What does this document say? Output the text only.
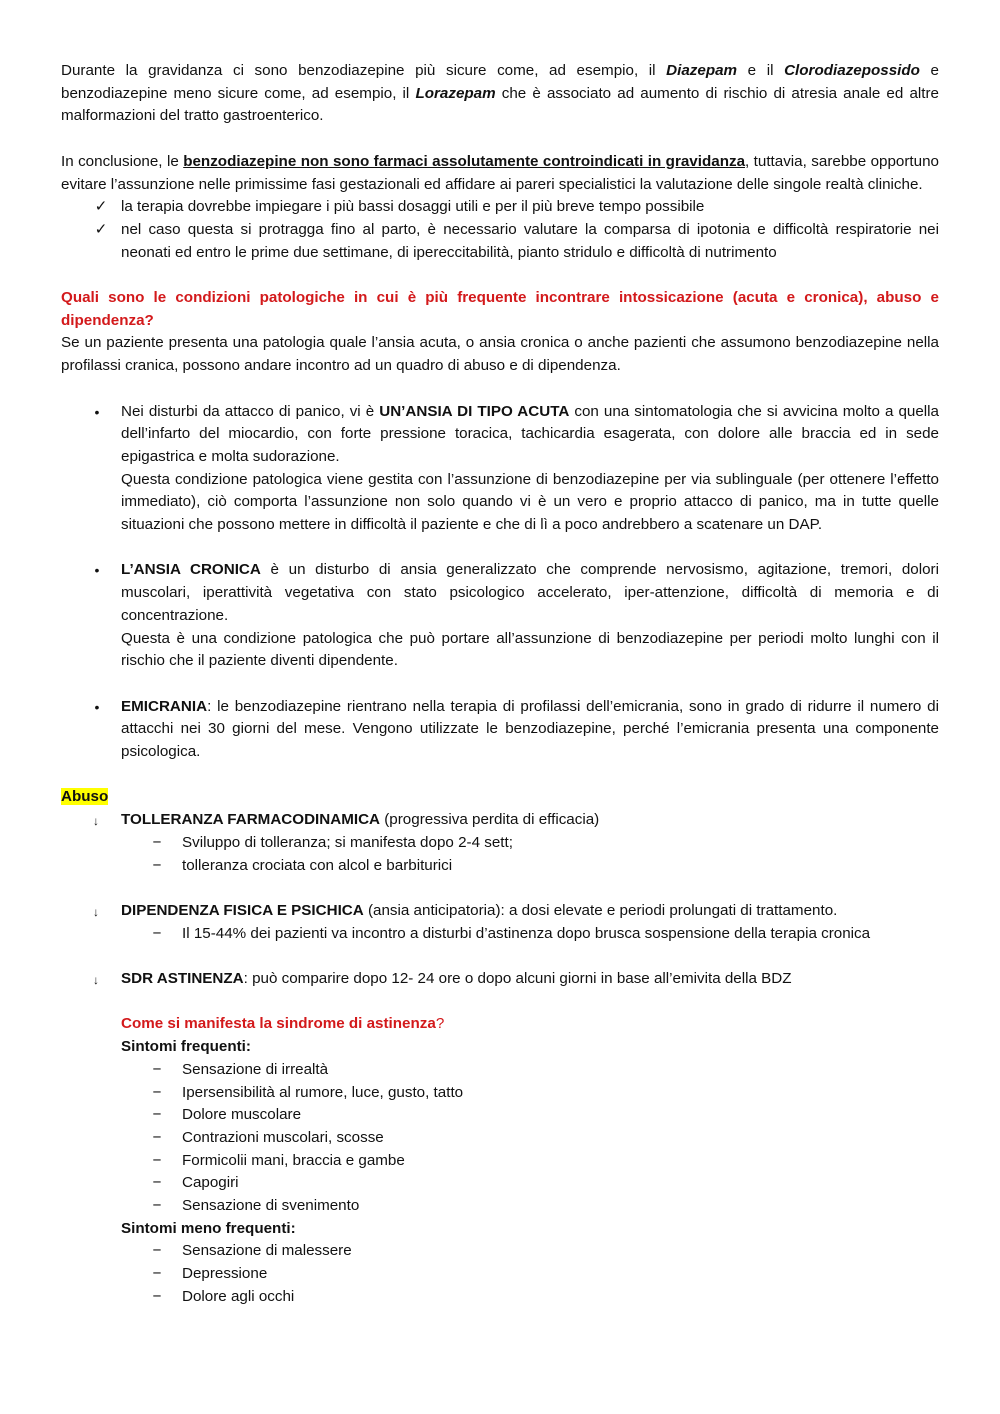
Durante la gravidanza ci sono benzodiazepine più sicure come, ad esempio, il Diazepam e il Clorodiazepossido e benzodiazepine meno sicure come, ad esempio, il Lorazepam che è associato ad aumento di rischio di atresia anale ed altre malformazioni del tratto gastroenterico.

In conclusione, le benzodiazepine non sono farmaci assolutamente controindicati in gravidanza, tuttavia, sarebbe opportuno evitare l’assunzione nelle primissime fasi gestazionali ed affidare ai pareri specialistici la valutazione delle singole realtà cliniche.

✓ la terapia dovrebbe impiegare i più bassi dosaggi utili e per il più breve tempo possibile
✓ nel caso questa si protragga fino al parto, è necessario valutare la comparsa di ipotonia e difficoltà respiratorie nei neonati ed entro le prime due settimane, di ipereccitabilità, pianto stridulo e difficoltà di nutrimento

Quali sono le condizioni patologiche in cui è più frequente incontrare intossicazione (acuta e cronica), abuso e dipendenza?

Se un paziente presenta una patologia quale l’ansia acuta, o ansia cronica o anche pazienti che assumono benzodiazepine nella profilassi cranica, possono andare incontro ad un quadro di abuso e di dipendenza.

• Nei disturbi da attacco di panico, vi è UN’ANSIA DI TIPO ACUTA con una sintomatologia che si avvicina molto a quella dell’infarto del miocardio, con forte pressione toracica, tachicardia esagerata, con dolore alle braccia ed in sede epigastrica e molta sudorazione.
Questa condizione patologica viene gestita con l’assunzione di benzodiazepine per via sublinguale (per ottenere l’effetto immediato), ciò comporta l’assunzione non solo quando vi è un vero e proprio attacco di panico, ma in tutte quelle situazioni che possono mettere in difficoltà il paziente e che di lì a poco andrebbero a scatenare un DAP.
• L’ANSIA CRONICA è un disturbo di ansia generalizzato che comprende nervosismo, agitazione, tremori, dolori muscolari, iperattività vegetativa con stato psicologico accelerato, iper-attenzione, difficoltà di memoria e di concentrazione.
Questa è una condizione patologica che può portare all’assunzione di benzodiazepine per periodi molto lunghi con il rischio che il paziente diventi dipendente.
• EMICRANIA: le benzodiazepine rientrano nella terapia di profilassi dell’emicrania, sono in grado di ridurre il numero di attacchi nei 30 giorni del mese. Vengono utilizzate le benzodiazepine, perché l’emicrania presenta una componente psicologica.

Abuso

↓	TOLLERANZA FARMACODINAMICA (progressiva perdita di efficacia)
− Sviluppo di tolleranza; si manifesta dopo 2-4 sett;
− tolleranza crociata con alcol e barbiturici
↓	DIPENDENZA FISICA E PSICHICA (ansia anticipatoria): a dosi elevate e periodi prolungati di trattamento.
− Il 15-44% dei pazienti va incontro a disturbi d’astinenza dopo brusca sospensione della terapia cronica
↓	SDR ASTINENZA: può comparire dopo 12- 24 ore o dopo alcuni giorni in base all’emivita della BDZ

Come si manifesta la sindrome di astinenza?

Sintomi frequenti:

− Sensazione di irrealtà
− Ipersensibilità al rumore, luce, gusto, tatto
− Dolore muscolare
− Contrazioni muscolari, scosse
− Formicolii mani, braccia e gambe
− Capogiri
− Sensazione di svenimento

Sintomi meno frequenti:

− Sensazione di malessere
− Depressione
− Dolore agli occhi
